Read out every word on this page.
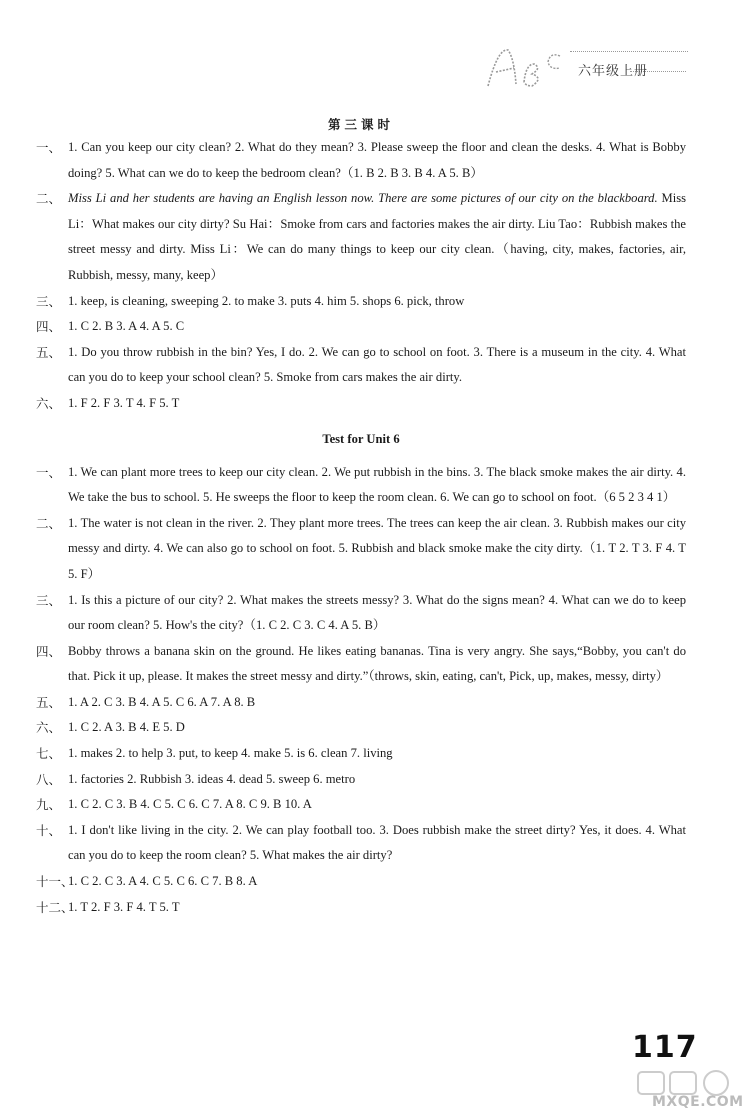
六年级上册
第三课时
一、 1. Can you keep our city clean? 2. What do they mean? 3. Please sweep the floor and clean the desks. 4. What is Bobby doing? 5. What can we do to keep the bedroom clean?（1. B 2. B 3. B 4. A 5. B）
二、 Miss Li and her students are having an English lesson now. There are some pictures of our city on the blackboard. Miss Li：What makes our city dirty? Su Hai：Smoke from cars and factories makes the air dirty. Liu Tao：Rubbish makes the street messy and dirty. Miss Li：We can do many things to keep our city clean.（having, city, makes, factories, air, Rubbish, messy, many, keep）
三、 1. keep, is cleaning, sweeping 2. to make 3. puts 4. him 5. shops 6. pick, throw
四、 1. C 2. B 3. A 4. A 5. C
五、 1. Do you throw rubbish in the bin? Yes, I do. 2. We can go to school on foot. 3. There is a museum in the city. 4. What can you do to keep your school clean? 5. Smoke from cars makes the air dirty.
六、 1. F 2. F 3. T 4. F 5. T
Test for Unit 6
一、 1. We can plant more trees to keep our city clean. 2. We put rubbish in the bins. 3. The black smoke makes the air dirty. 4. We take the bus to school. 5. He sweeps the floor to keep the room clean. 6. We can go to school on foot.（6 5 2 3 4 1）
二、 1. The water is not clean in the river. 2. They plant more trees. The trees can keep the air clean. 3. Rubbish makes our city messy and dirty. 4. We can also go to school on foot. 5. Rubbish and black smoke make the city dirty.（1. T 2. T 3. F 4. T 5. F）
三、 1. Is this a picture of our city? 2. What makes the streets messy? 3. What do the signs mean? 4. What can we do to keep our room clean? 5. How's the city?（1. C 2. C 3. C 4. A 5. B）
四、 Bobby throws a banana skin on the ground. He likes eating bananas. Tina is very angry. She says,“Bobby, you can't do that. Pick it up, please. It makes the street messy and dirty.”（throws, skin, eating, can't, Pick, up, makes, messy, dirty）
五、 1. A 2. C 3. B 4. A 5. C 6. A 7. A 8. B
六、 1. C 2. A 3. B 4. E 5. D
七、 1. makes 2. to help 3. put, to keep 4. make 5. is 6. clean 7. living
八、 1. factories 2. Rubbish 3. ideas 4. dead 5. sweep 6. metro
九、 1. C 2. C 3. B 4. C 5. C 6. C 7. A 8. C 9. B 10. A
十、 1. I don't like living in the city. 2. We can play football too. 3. Does rubbish make the street dirty? Yes, it does. 4. What can you do to keep the room clean? 5. What makes the air dirty?
十一、
1. C 2. C 3. A 4. C 5. C 6. C 7. B 8. A
十二、
1. T 2. F 3. F 4. T 5. T
117
MXQE.COM
